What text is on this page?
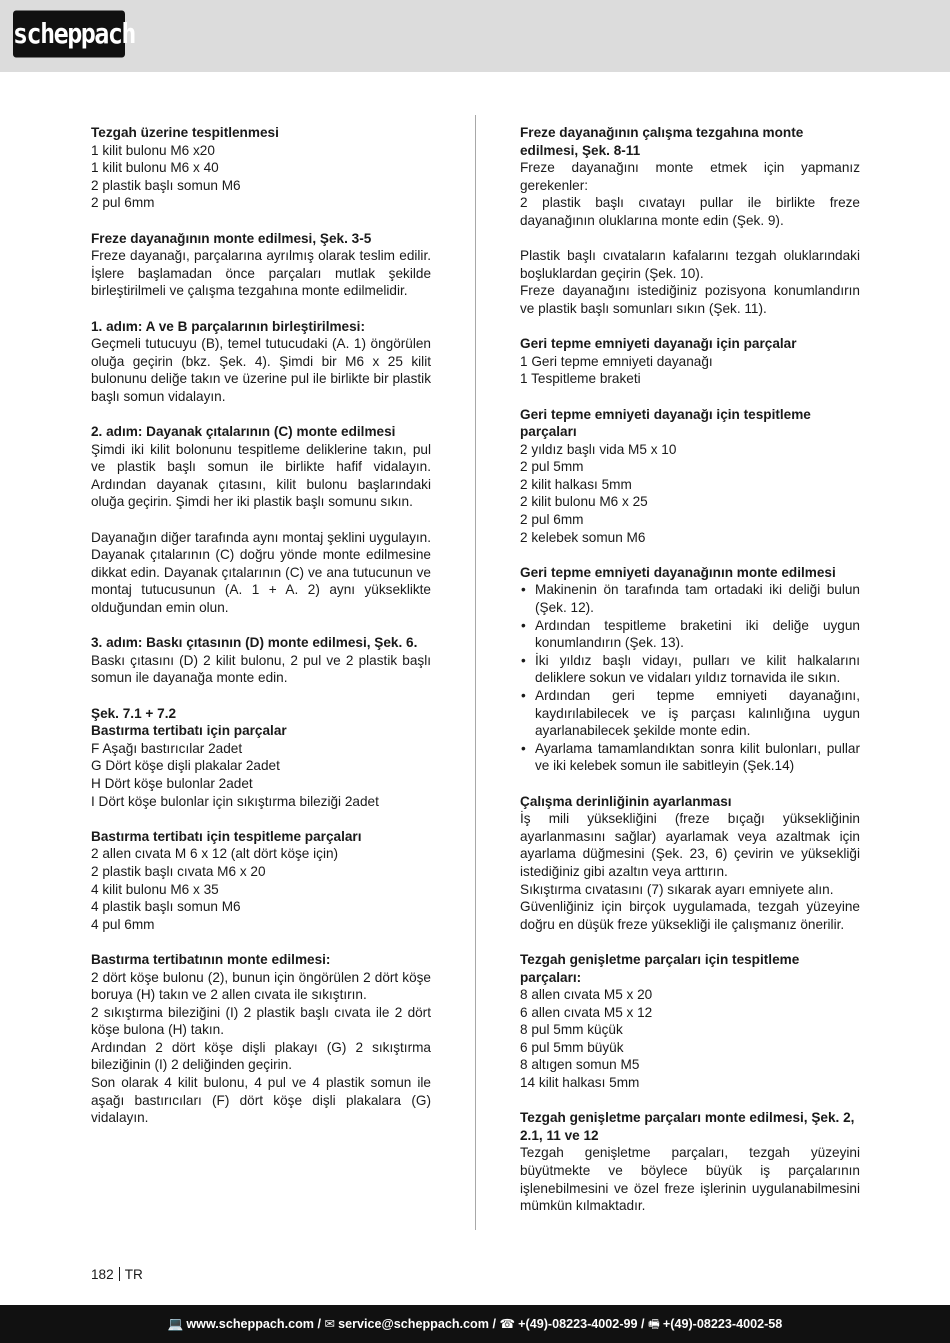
scheppach

Tezgah üzerine tespitlenmesi

1 kilit bulonu M6 x20

1 kilit bulonu M6 x 40

2 plastik başlı somun M6

2 pul 6mm

Freze dayanağının monte edilmesi, Şek. 3-5

Freze dayanağı, parçalarına ayrılmış olarak teslim edilir. İşlere başlamadan önce parçaları mutlak şekilde birleştirilmeli ve çalışma tezgahına monte edilmelidir.

1. adım: A ve B parçalarının birleştirilmesi:

Geçmeli tutucuyu (B), temel tutucudaki (A. 1) öngörülen oluğa geçirin (bkz. Şek. 4). Şimdi bir M6 x 25 kilit bulonunu deliğe takın ve üzerine pul ile birlikte bir plastik başlı somun vidalayın.

2. adım: Dayanak çıtalarının (C) monte edilmesi

Şimdi iki kilit bolonunu tespitleme deliklerine takın, pul ve plastik başlı somun ile birlikte hafif vidalayın. Ardından dayanak çıtasını, kilit bulonu başlarındaki oluğa geçirin. Şimdi her iki plastik başlı somunu sıkın.

Dayanağın diğer tarafında aynı montaj şeklini uygulayın. Dayanak çıtalarının (C) doğru yönde monte edilmesine dikkat edin. Dayanak çıtalarının (C) ve ana tutucunun ve montaj tutucusunun (A. 1 + A. 2) aynı yükseklikte olduğundan emin olun.

3. adım: Baskı çıtasının (D) monte edilmesi, Şek. 6.

Baskı çıtasını (D) 2 kilit bulonu, 2 pul ve 2 plastik başlı somun ile dayanağa monte edin.

Şek. 7.1 + 7.2

Bastırma tertibatı için parçalar

F Aşağı bastırıcılar 2adet

G Dört köşe dişli plakalar 2adet

H Dört köşe bulonlar 2adet

I Dört köşe bulonlar için sıkıştırma bileziği 2adet

Bastırma tertibatı için tespitleme parçaları

2 allen cıvata M 6 x 12 (alt dört köşe için)

2 plastik başlı cıvata M6 x 20

4 kilit bulonu M6 x 35

4 plastik başlı somun M6

4 pul 6mm

Bastırma tertibatının monte edilmesi:

2 dört köşe bulonu (2), bunun için öngörülen 2 dört köşe boruya (H) takın ve 2 allen cıvata ile sıkıştırın.

2 sıkıştırma bileziğini (I) 2 plastik başlı cıvata ile 2 dört köşe bulona (H) takın.

Ardından 2 dört köşe dişli plakayı (G) 2 sıkıştırma bileziğinin (I) 2 deliğinden geçirin.

Son olarak 4 kilit bulonu, 4 pul ve 4 plastik somun ile aşağı bastırıcıları (F) dört köşe dişli plakalara (G) vidalayın.

Freze dayanağının çalışma tezgahına monte edilmesi, Şek. 8-11

Freze dayanağını monte etmek için yapmanız gerekenler:

2 plastik başlı cıvatayı pullar ile birlikte freze dayanağının oluklarına monte edin (Şek. 9).

Plastik başlı cıvataların kafalarını tezgah oluklarındaki boşluklardan geçirin (Şek. 10).

Freze dayanağını istediğiniz pozisyona konumlandırın ve plastik başlı somunları sıkın (Şek. 11).

Geri tepme emniyeti dayanağı için parçalar

1 Geri tepme emniyeti dayanağı

1 Tespitleme braketi

Geri tepme emniyeti dayanağı için tespitleme parçaları

2 yıldız başlı vida M5 x 10

2 pul 5mm

2 kilit halkası 5mm

2 kilit bulonu M6 x 25

2 pul 6mm

2 kelebek somun M6

Geri tepme emniyeti dayanağının monte edilmesi

• Makinenin ön tarafında tam ortadaki iki deliği bulun (Şek. 12).
• Ardından tespitleme braketini iki deliğe uygun konumlandırın (Şek. 13).
• İki yıldız başlı vidayı, pulları ve kilit halkalarını deliklere sokun ve vidaları yıldız tornavida ile sıkın.
• Ardından geri tepme emniyeti dayanağını, kaydırılabilecek ve iş parçası kalınlığına uygun ayarlanabilecek şekilde monte edin.
• Ayarlama tamamlandıktan sonra kilit bulonları, pullar ve iki kelebek somun ile sabitleyin (Şek.14)

Çalışma derinliğinin ayarlanması

İş mili yüksekliğini (freze bıçağı yüksekliğinin ayarlanmasını sağlar) ayarlamak veya azaltmak için ayarlama düğmesini (Şek. 23, 6) çevirin ve yüksekliği istediğiniz gibi azaltın veya arttırın.

Sıkıştırma cıvatasını (7) sıkarak ayarı emniyete alın.

Güvenliğiniz için birçok uygulamada, tezgah yüzeyine doğru en düşük freze yüksekliği ile çalışmanız önerilir.

Tezgah genişletme parçaları için tespitleme parçaları:

8 allen cıvata M5 x 20

6 allen cıvata M5 x 12

8 pul 5mm küçük

6 pul 5mm büyük

8 altıgen somun M5

14 kilit halkası 5mm

Tezgah genişletme parçaları monte edilmesi, Şek. 2, 2.1, 11 ve 12

Tezgah genişletme parçaları, tezgah yüzeyini büyütmekte ve böylece büyük iş parçalarının işlenebilmesini ve özel freze işlerinin uygulanabilmesini mümkün kılmaktadır.

182 TR
💻 www.scheppach.com / ✉ service@scheppach.com / ☎ +(49)-08223-4002-99 / 🖷 +(49)-08223-4002-58
